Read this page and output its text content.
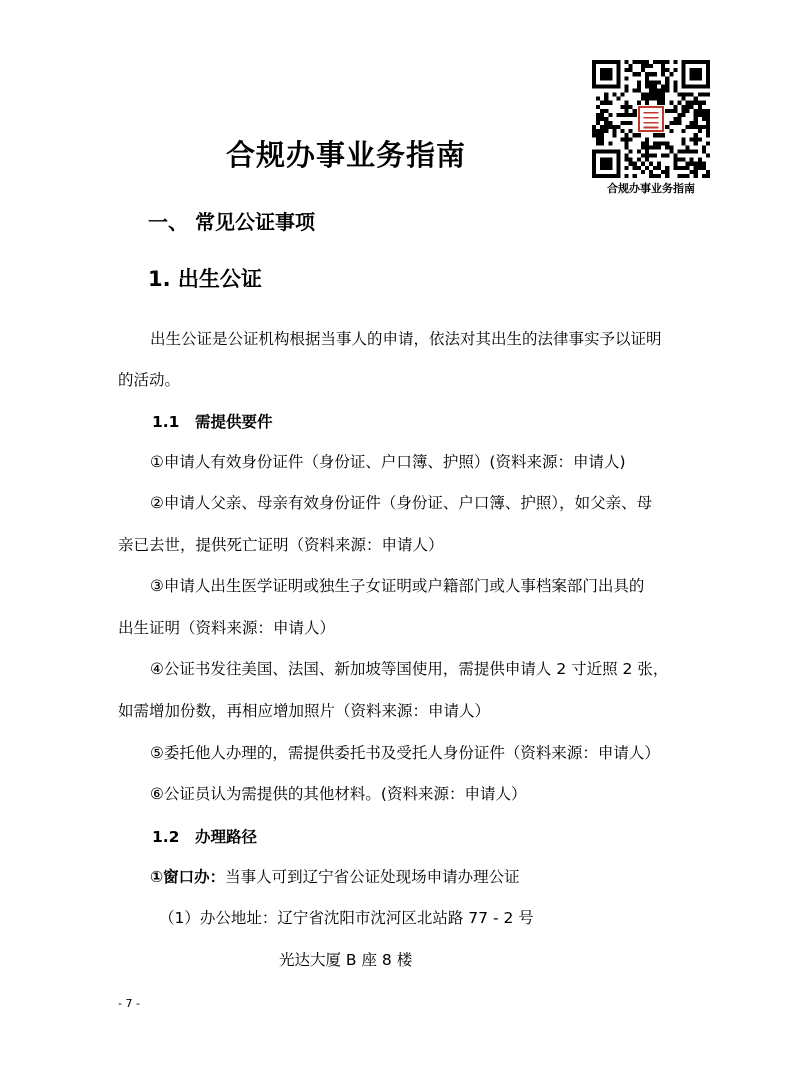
合规办事业务指南
合规办事业务指南
一、 常见公证事项
1. 出生公证
出生公证是公证机构根据当事人的申请，依法对其出生的法律事实予以证明
的活动。
1.1　需提供要件
①申请人有效身份证件（身份证、户口簿、护照）(资料来源：申请人)
②申请人父亲、母亲有效身份证件（身份证、户口簿、护照），如父亲、母
亲已去世，提供死亡证明（资料来源：申请人）
③申请人出生医学证明或独生子女证明或户籍部门或人事档案部门出具的
出生证明（资料来源：申请人）
④公证书发往美国、法国、新加坡等国使用，需提供申请人 2 寸近照 2 张，
如需增加份数，再相应增加照片（资料来源：申请人）
⑤委托他人办理的，需提供委托书及受托人身份证件（资料来源：申请人）
⑥公证员认为需提供的其他材料。(资料来源：申请人）
1.2　办理路径
①窗口办：当事人可到辽宁省公证处现场申请办理公证
（1）办公地址：辽宁省沈阳市沈河区北站路 77 - 2 号
光达大厦 B 座 8 楼
- 7 -
